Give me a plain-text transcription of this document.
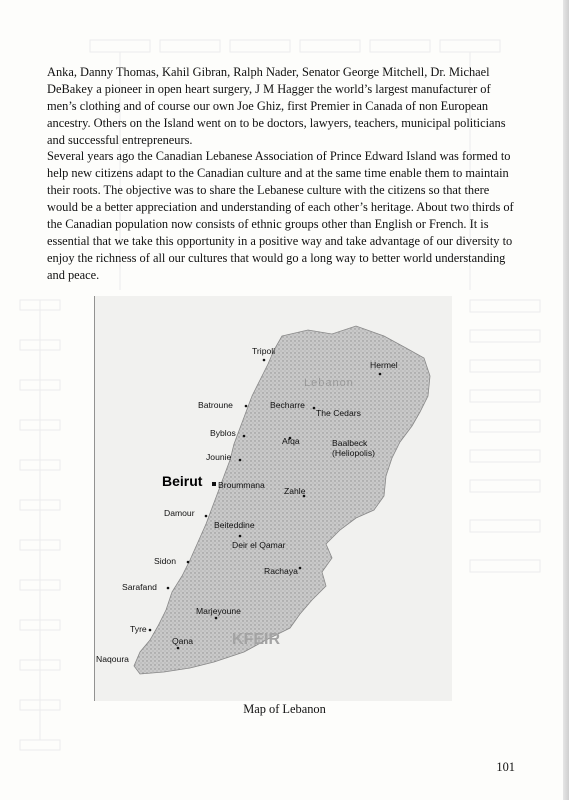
Anka, Danny Thomas, Kahil Gibran, Ralph Nader, Senator George Mitchell, Dr. Michael DeBakey a pioneer in open heart surgery, J M Hagger the world’s largest manufacturer of men’s clothing and of course our own Joe Ghiz, first Premier in Canada of non European ancestry. Others on the Island went on to be doctors, lawyers, teachers, municipal politicians and successful entrepreneurs.

Several years ago the Canadian Lebanese Association of Prince Edward Island was formed to help new citizens adapt to the Canadian culture and at the same time enable them to maintain their roots. The objective was to share the Lebanese culture with the citizens so that there would be a better appreciation and understanding of each other’s heritage. About two thirds of the Canadian population now consists of ethnic groups other than English or French. It is essential that we take this opportunity in a positive way and take advantage of our diversity to enjoy the richness of all our cultures that would go a long way to better world understanding and peace.

Lebanon
KFEIR
Tripoli
Hermel
Batroune	Becharre
The Cedars
Byblos
Afqa	Baalbeck
(Heliopolis)
Jounie
Beirut Broummana
Zahle
Damour
Beiteddine
Deir el Qamar
Sidon
Rachaya
Sarafand
Marjeyoune
Tyre
Qana
Naqoura
Map of Lebanon
101
